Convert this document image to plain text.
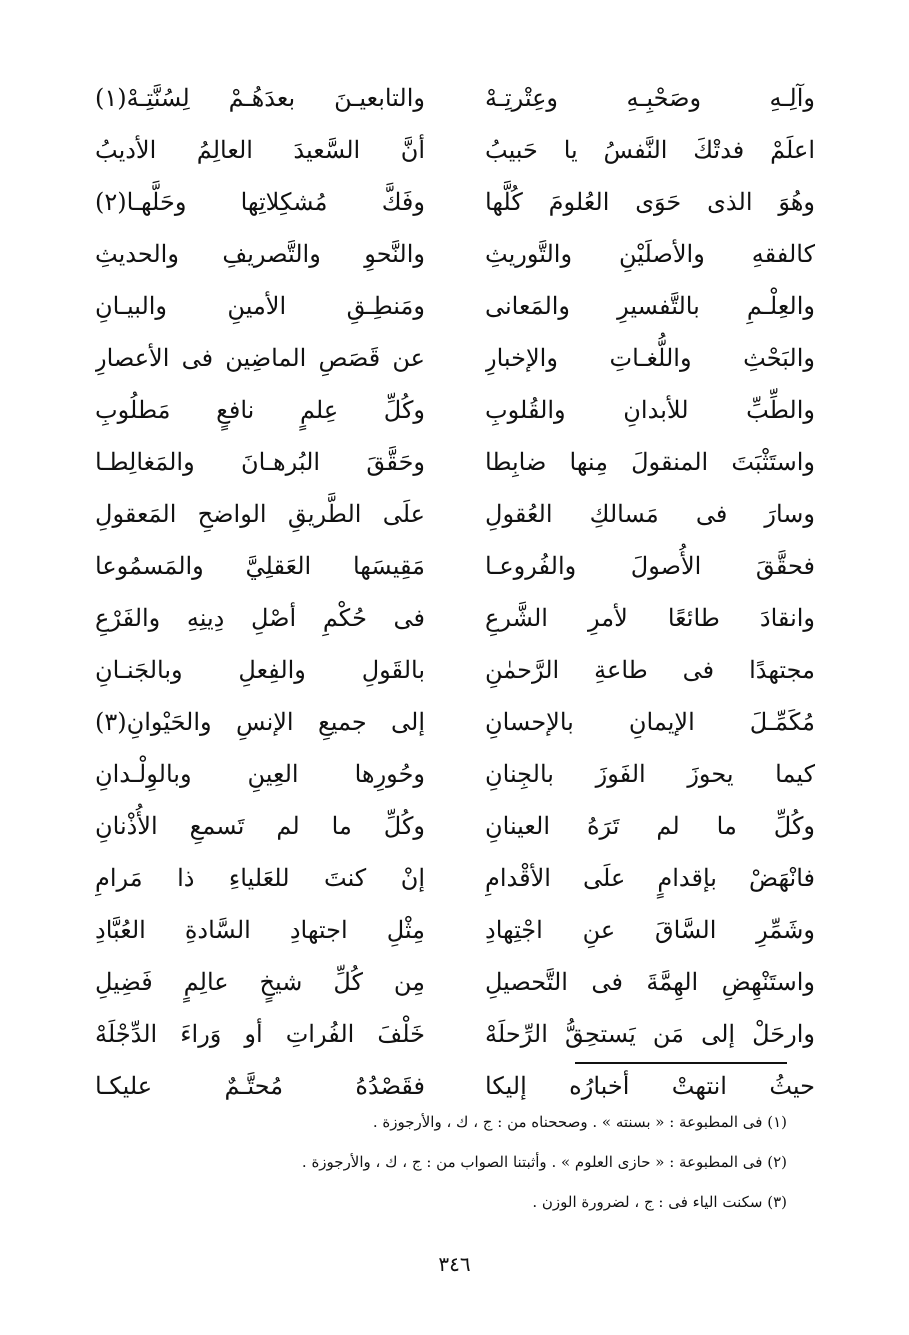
وآلِـهِ وصَحْبِـهِ وعِتْرتِـهْ
والتابعيـنَ بعدَهُـمْ لِسُنَّتِـهْ(١)
اعلَمْ فدتْكَ النَّفسُ يا حَبيبُ
أنَّ السَّعيدَ العالِمُ الأديبُ
وهُوَ الذى حَوَى العُلومَ كُلَّها
وفَكَّ مُشكِلاتِها وحَلَّهـا(٢)
كالفقهِ والأصلَيْنِ والتَّوريثِ
والنَّحوِ والتَّصريفِ والحديثِ
والعِلْـمِ بالتَّفسيرِ والمَعانى
ومَنطِـقِ الأمينِ والبيـانِ
والبَحْثِ واللُّغـاتِ والإخبارِ
عن قَصَصِ الماضِين فى الأعصارِ
والطِّبِّ للأبدانِ والقُلوبِ
وكُلِّ عِلمٍ نافعٍ مَطلُوبِ
واستَثْبَتَ المنقولَ مِنها ضابِطا
وحَقَّقَ البُرهـانَ والمَغالِطـا
وسارَ فى مَسالكِ العُقولِ
علَى الطَّريقِ الواضحِ المَعقولِ
فحقَّقَ الأُصولَ والفُروعـا
مَقِيسَها العَقلِيَّ والمَسمُوعا
وانقادَ طائعًا لأمرِ الشَّرعِ
فى حُكْمِ أصْلِ دِينِهِ والفَرْعِ
مجتهدًا فى طاعةِ الرَّحمٰنِ
بالقَولِ والفِعلِ وبالجَنـانِ
مُكَمِّـلَ الإيمانِ بالإحسانِ
إلى جميعِ الإنسِ والحَيْوانِ(٣)
كيما يحوزَ الفَوزَ بالجِنانِ
وحُورِها العِينِ وبالوِلْـدانِ
وكُلِّ ما لم تَرَهُ العينانِ
وكُلِّ ما لم تَسمعِ الأُذْنانِ
فانْهَضْ بإقدامٍ علَى الأقْدامِ
إنْ كنتَ للعَلياءِ ذا مَرامِ
وشَمِّرِ السَّاقَ عنِ اجْتِهادِ
مِثْلِ اجتهادِ السَّادةِ العُبَّادِ
واستَنْهِضِ الهِمَّةَ فى التَّحصيلِ
مِن كُلِّ شيخٍ عالِمٍ فَضِيلِ
وارحَلْ إلى مَن يَستحِقُّ الرِّحلَهْ
خَلْفَ الفُراتِ أو وَراءَ الدِّجْلَهْ
حيثُ انتهتْ أخبارُه إليكا
فقَصْدُهُ مُحتَّـمٌ عليكـا
(١) فى المطبوعة : « بسنته » . وصححناه من : ج ، ك ، والأرجوزة .
(٢) فى المطبوعة : « حازى العلوم » . وأثبتنا الصواب من : ج ، ك ، والأرجوزة .
(٣) سكنت الياء فى : ج ، لضرورة الوزن .
٣٤٦
